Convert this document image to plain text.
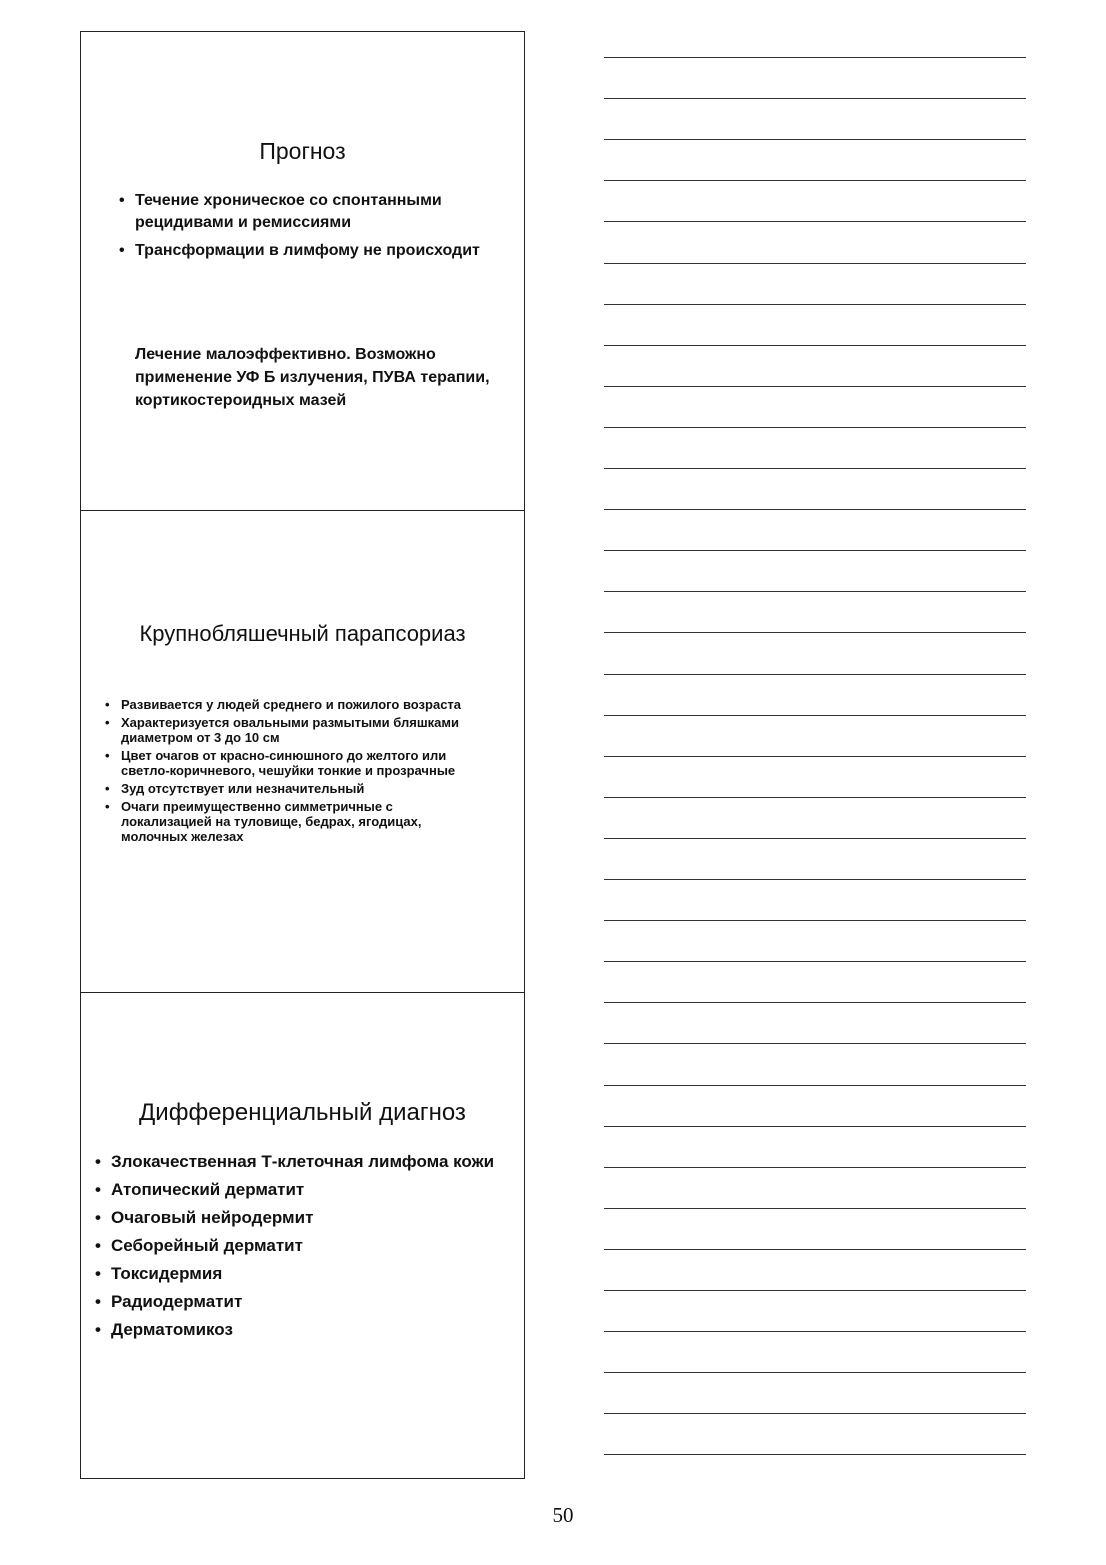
Прогноз
• Течение хроническое со спонтанными рецидивами и ремиссиями
• Трансформации в лимфому не происходит

Лечение малоэффективно. Возможно применение УФ Б излучения, ПУВА терапии, кортикостероидных мазей

Крупнобляшечный парапсориаз
• Развивается у людей среднего и пожилого возраста
• Характеризуется овальными размытыми бляшками диаметром от 3 до 10 см
• Цвет очагов от красно-синюшного до желтого или светло-коричневого, чешуйки тонкие и прозрачные
• Зуд отсутствует или незначительный
• Очаги преимущественно симметричные с локализацией на туловище, бедрах, ягодицах, молочных железах
Дифференциальный диагноз
• Злокачественная Т-клеточная лимфома кожи
• Атопический дерматит
• Очаговый нейродермит
• Себорейный дерматит
• Токсидермия
• Радиодерматит
• Дерматомикоз
50
